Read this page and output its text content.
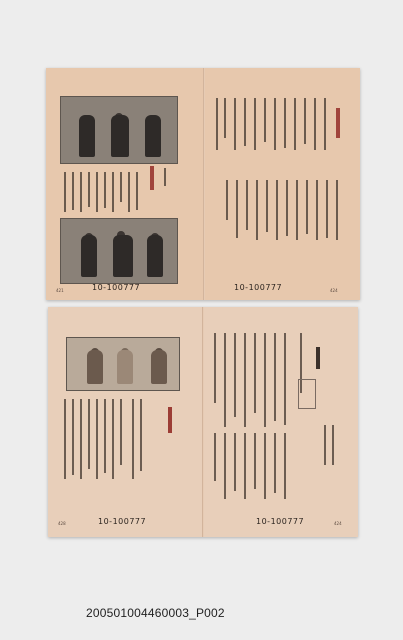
421	10-100777	10-100777	424
428	10-100777	10-100777	424
200501004460003_P002
